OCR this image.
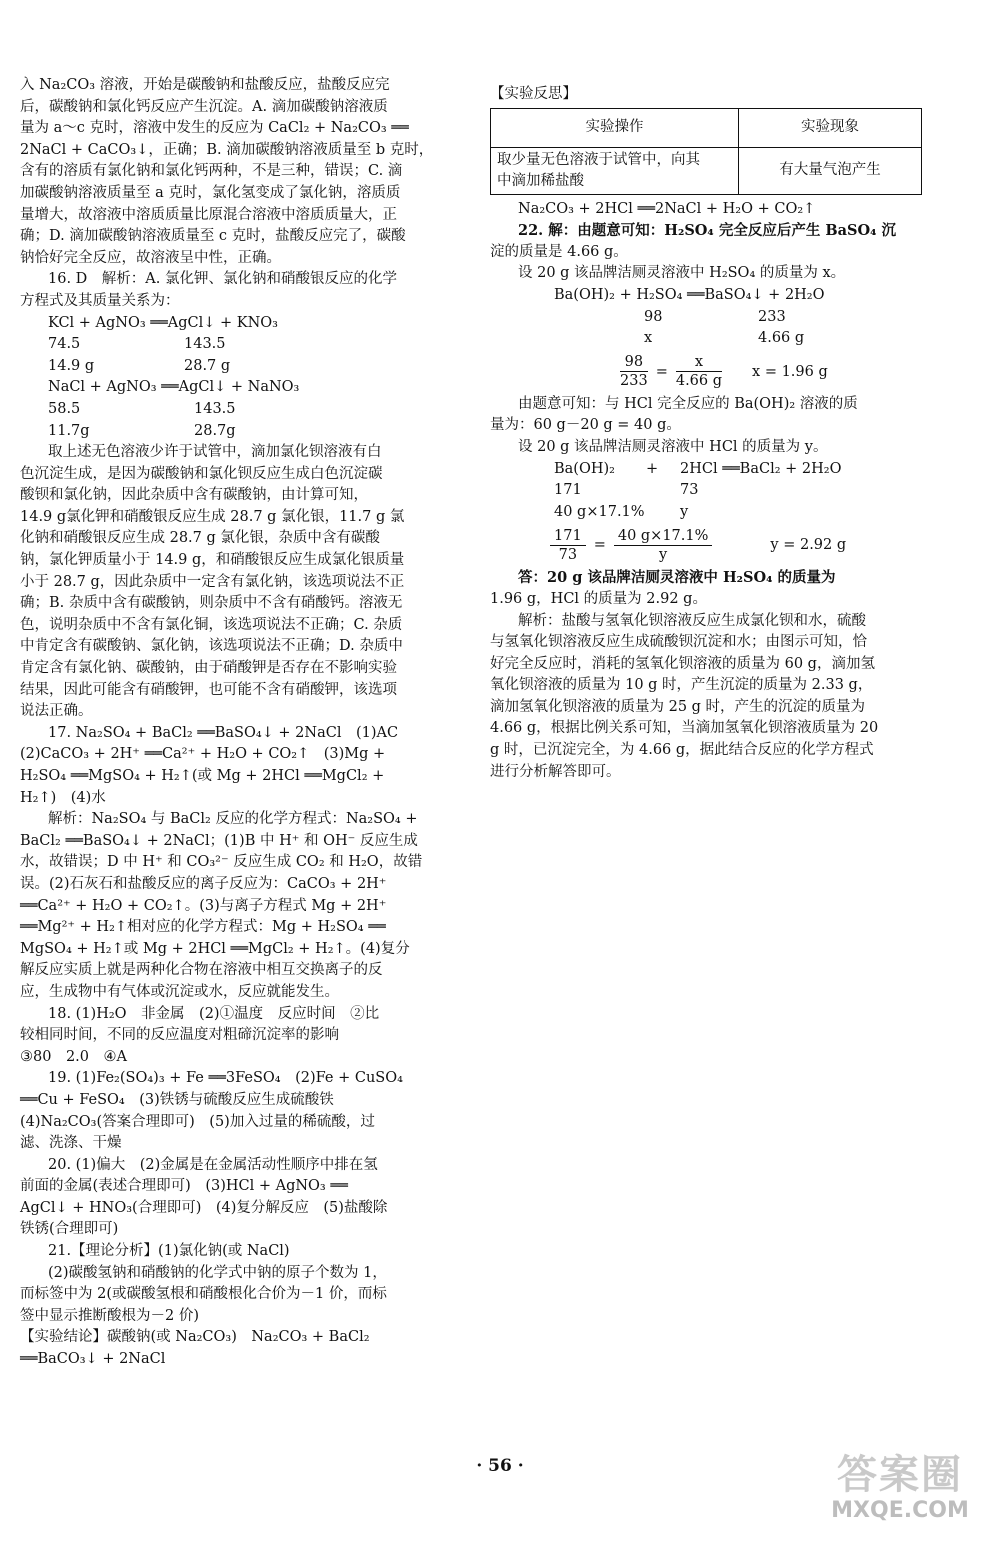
入 Na₂CO₃ 溶液，开始是碳酸钠和盐酸反应，盐酸反应完
后，碳酸钠和氯化钙反应产生沉淀。A. 滴加碳酸钠溶液质
量为 a～c 克时，溶液中发生的反应为 CaCl₂ + Na₂CO₃ ══
2NaCl + CaCO₃↓，正确；B. 滴加碳酸钠溶液质量至 b 克时，
含有的溶质有氯化钠和氯化钙两种，不是三种，错误；C. 滴
加碳酸钠溶液质量至 a 克时，氯化氢变成了氯化钠，溶质质
量增大，故溶液中溶质质量比原混合溶液中溶质质量大，正
确；D. 滴加碳酸钠溶液质量至 c 克时，盐酸反应完了，碳酸
钠恰好完全反应，故溶液呈中性，正确。
16. D　解析：A. 氯化钾、氯化钠和硝酸银反应的化学
方程式及其质量关系为：
KCl + AgNO₃ ══AgCl↓ + KNO₃
74.5	143.5
14.9 g	28.7 g
NaCl + AgNO₃ ══AgCl↓ + NaNO₃
58.5	143.5
11.7g	28.7g
取上述无色溶液少许于试管中，滴加氯化钡溶液有白
色沉淀生成，是因为碳酸钠和氯化钡反应生成白色沉淀碳
酸钡和氯化钠，因此杂质中含有碳酸钠，由计算可知，
14.9 g氯化钾和硝酸银反应生成 28.7 g 氯化银，11.7 g 氯
化钠和硝酸银反应生成 28.7 g 氯化银，杂质中含有碳酸
钠，氯化钾质量小于 14.9 g，和硝酸银反应生成氯化银质量
小于 28.7 g，因此杂质中一定含有氯化钠，该选项说法不正
确；B. 杂质中含有碳酸钠，则杂质中不含有硝酸钙。溶液无
色，说明杂质中不含有氯化铜，该选项说法不正确；C. 杂质
中肯定含有碳酸钠、氯化钠，该选项说法不正确；D. 杂质中
肯定含有氯化钠、碳酸钠，由于硝酸钾是否存在不影响实验
结果，因此可能含有硝酸钾，也可能不含有硝酸钾，该选项
说法正确。
17. Na₂SO₄ + BaCl₂ ══BaSO₄↓ + 2NaCl　(1)AC
(2)CaCO₃ + 2H⁺ ══Ca²⁺ + H₂O + CO₂↑　(3)Mg +
H₂SO₄ ══MgSO₄ + H₂↑(或 Mg + 2HCl ══MgCl₂ +
H₂↑)　(4)水
解析：Na₂SO₄ 与 BaCl₂ 反应的化学方程式：Na₂SO₄ +
BaCl₂ ══BaSO₄↓ + 2NaCl；(1)B 中 H⁺ 和 OH⁻ 反应生成
水，故错误；D 中 H⁺ 和 CO₃²⁻ 反应生成 CO₂ 和 H₂O，故错
误。(2)石灰石和盐酸反应的离子反应为：CaCO₃ + 2H⁺
══Ca²⁺ + H₂O + CO₂↑。(3)与离子方程式 Mg + 2H⁺
══Mg²⁺ + H₂↑相对应的化学方程式：Mg + H₂SO₄ ══
MgSO₄ + H₂↑或 Mg + 2HCl ══MgCl₂ + H₂↑。(4)复分
解反应实质上就是两种化合物在溶液中相互交换离子的反
应，生成物中有气体或沉淀或水，反应就能发生。
18. (1)H₂O　非金属　(2)①温度　反应时间　②比
较相同时间，不同的反应温度对粗碲沉淀率的影响
③80　2.0　④A
19. (1)Fe₂(SO₄)₃ + Fe ══3FeSO₄　(2)Fe + CuSO₄
══Cu + FeSO₄　(3)铁锈与硫酸反应生成硫酸铁
(4)Na₂CO₃(答案合理即可)　(5)加入过量的稀硫酸，过
滤、洗涤、干燥
20. (1)偏大　(2)金属是在金属活动性顺序中排在氢
前面的金属(表述合理即可)　(3)HCl + AgNO₃ ══
AgCl↓ + HNO₃(合理即可)　(4)复分解反应　(5)盐酸除
铁锈(合理即可)
21.【理论分析】(1)氯化钠(或 NaCl)
(2)碳酸氢钠和硝酸钠的化学式中钠的原子个数为 1，
而标签中为 2(或碳酸氢根和硝酸根化合价为－1 价，而标
签中显示推断酸根为－2 价)
【实验结论】碳酸钠(或 Na₂CO₃)　Na₂CO₃ + BaCl₂
══BaCO₃↓ + 2NaCl
【实验反思】
实验操作	实验现象

取少量无色溶液于试管中，向其
中滴加稀盐酸	有大量气泡产生
Na₂CO₃ + 2HCl ══2NaCl + H₂O + CO₂↑
22. 解：由题意可知：H₂SO₄ 完全反应后产生 BaSO₄ 沉
淀的质量是 4.66 g。
设 20 g 该品牌洁厕灵溶液中 H₂SO₄ 的质量为 x。
Ba(OH)₂ + H₂SO₄ ══BaSO₄↓ + 2H₂O
98	233
x	4.66 g
$\frac{98}{233} = \frac{x}{4.66 g}$ x = 1.96 g
由题意可知：与 HCl 完全反应的 Ba(OH)₂ 溶液的质
量为：60 g－20 g = 40 g。
设 20 g 该品牌洁厕灵溶液中 HCl 的质量为 y。
Ba(OH)₂ + 2HCl ══BaCl₂ + 2H₂O
171	73
40 g×17.1% y
$\frac{171}{73} = \frac{40 g\times 17.1\%}{y}$	y = 2.92 g
答：20 g 该品牌洁厕灵溶液中 H₂SO₄ 的质量为
1.96 g，HCl 的质量为 2.92 g。
解析：盐酸与氢氧化钡溶液反应生成氯化钡和水，硫酸
与氢氧化钡溶液反应生成硫酸钡沉淀和水；由图示可知，恰
好完全反应时，消耗的氢氧化钡溶液的质量为 60 g，滴加氢
氧化钡溶液的质量为 10 g 时，产生沉淀的质量为 2.33 g，
滴加氢氧化钡溶液的质量为 25 g 时，产生的沉淀的质量为
4.66 g，根据比例关系可知，当滴加氢氧化钡溶液质量为 20
g 时，已沉淀完全，为 4.66 g，据此结合反应的化学方程式
进行分析解答即可。
· 56 ·	答案圈
MXQE.COM
